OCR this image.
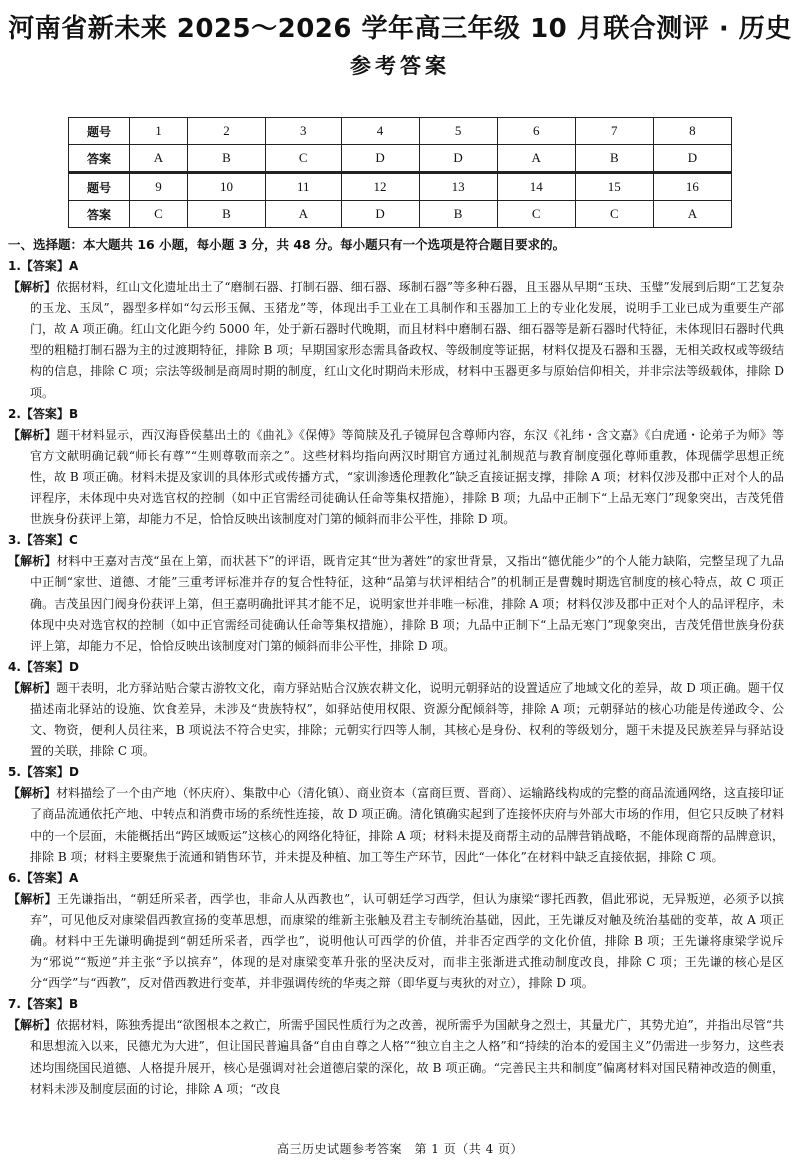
河南省新未来 2025～2026 学年高三年级 10 月联合测评 · 历史
参考答案
题号	1	2	3	4	5	6	7	8
答案	A	B	C	D	D	A	B	D
题号	9	10	11	12	13	14	15	16
答案	C	B	A	D	B	C	C	A
一、选择题：本大题共 16 小题，每小题 3 分，共 48 分。每小题只有一个选项是符合题目要求的。
1.【答案】A
【解析】依据材料，红山文化遗址出土了“磨制石器、打制石器、细石器、琢制石器”等多种石器，且玉器从早期“玉玦、玉璧”发展到后期“工艺复杂的玉龙、玉凤”，器型多样如“勾云形玉佩、玉猪龙”等，体现出手工业在工具制作和玉器加工上的专业化发展，说明手工业已成为重要生产部门，故 A 项正确。红山文化距今约 5000 年，处于新石器时代晚期，而且材料中磨制石器、细石器等是新石器时代特征，未体现旧石器时代典型的粗糙打制石器为主的过渡期特征，排除 B 项；早期国家形态需具备政权、等级制度等证据，材料仅提及石器和玉器，无相关政权或等级结构的信息，排除 C 项；宗法等级制是商周时期的制度，红山文化时期尚未形成，材料中玉器更多与原始信仰相关，并非宗法等级载体，排除 D 项。
2.【答案】B
【解析】题干材料显示，西汉海昏侯墓出土的《曲礼》《保傅》等简牍及孔子镜屏包含尊师内容，东汉《礼纬・含文嘉》《白虎通・论弟子为师》等官方文献明确记载“师长有尊”“生则尊敬而亲之”。这些材料均指向两汉时期官方通过礼制规范与教育制度强化尊师重教，体现儒学思想正统性，故 B 项正确。材料未提及家训的具体形式或传播方式，“家训渗透伦理教化”缺乏直接证据支撑，排除 A 项；材料仅涉及郡中正对个人的品评程序，未体现中央对选官权的控制（如中正官需经司徒确认任命等集权措施），排除 B 项；九品中正制下“上品无寒门”现象突出，吉茂凭借世族身份获评上第，却能力不足，恰恰反映出该制度对门第的倾斜而非公平性，排除 D 项。
3.【答案】C
【解析】材料中王嘉对吉茂“虽在上第，而状甚下”的评语，既肯定其“世为著姓”的家世背景，又指出“德优能少”的个人能力缺陷，完整呈现了九品中正制“家世、道德、才能”三重考评标准并存的复合性特征，这种“品第与状评相结合”的机制正是曹魏时期选官制度的核心特点，故 C 项正确。吉茂虽因门阀身份获评上第，但王嘉明确批评其才能不足，说明家世并非唯一标准，排除 A 项；材料仅涉及郡中正对个人的品评程序，未体现中央对选官权的控制（如中正官需经司徒确认任命等集权措施），排除 B 项；九品中正制下“上品无寒门”现象突出，吉茂凭借世族身份获评上第，却能力不足，恰恰反映出该制度对门第的倾斜而非公平性，排除 D 项。
4.【答案】D
【解析】题干表明，北方驿站贴合蒙古游牧文化，南方驿站贴合汉族农耕文化，说明元朝驿站的设置适应了地域文化的差异，故 D 项正确。题干仅描述南北驿站的设施、饮食差异，未涉及“贵族特权”，如驿站使用权限、资源分配倾斜等，排除 A 项；元朝驿站的核心功能是传递政令、公文、物资，便利人员往来，B 项说法不符合史实，排除；元朝实行四等人制，其核心是身份、权利的等级划分，题干未提及民族差异与驿站设置的关联，排除 C 项。
5.【答案】D
【解析】材料描绘了一个由产地（怀庆府）、集散中心（清化镇）、商业资本（富商巨贾、晋商）、运输路线构成的完整的商品流通网络，这直接印证了商品流通依托产地、中转点和消费市场的系统性连接，故 D 项正确。清化镇确实起到了连接怀庆府与外部大市场的作用，但它只反映了材料中的一个层面，未能概括出“跨区域贩运”这核心的网络化特征，排除 A 项；材料未提及商帮主动的品牌营销战略，不能体现商帮的品牌意识，排除 B 项；材料主要聚焦于流通和销售环节，并未提及种植、加工等生产环节，因此“一体化”在材料中缺乏直接依据，排除 C 项。
6.【答案】A
【解析】王先谦指出，“朝廷所采者，西学也，非命人从西教也”，认可朝廷学习西学，但认为康梁“谬托西教，倡此邪说，无异叛逆，必须予以摈弃”，可见他反对康梁倡西教宣扬的变革思想，而康梁的维新主张触及君主专制统治基础，因此，王先谦反对触及统治基础的变革，故 A 项正确。材料中王先谦明确提到“朝廷所采者，西学也”，说明他认可西学的价值，并非否定西学的文化价值，排除 B 项；王先谦将康梁学说斥为“邪说”“叛逆”并主张“予以摈弃”，体现的是对康梁变革升张的坚决反对，而非主张渐进式推动制度改良，排除 C 项；王先谦的核心是区分“西学”与“西教”，反对借西教进行变革，并非强调传统的华夷之辩（即华夏与夷狄的对立），排除 D 项。
7.【答案】B
【解析】依据材料，陈独秀提出“欲图根本之救亡，所需乎国民性质行为之改善，视所需乎为国献身之烈士，其量尤广，其势尤迫”，并指出尽管“共和思想流入以来，民德尤为大进”，但让国民普遍具备“自由自尊之人格”“独立自主之人格”和“持续的治本的爱国主义”仍需进一步努力，这些表述均围绕国民道德、人格提升展开，核心是强调对社会道德启蒙的深化，故 B 项正确。“完善民主共和制度”偏离材料对国民精神改造的侧重，材料未涉及制度层面的讨论，排除 A 项；“改良
高三历史试题参考答案　第 1 页（共 4 页）
